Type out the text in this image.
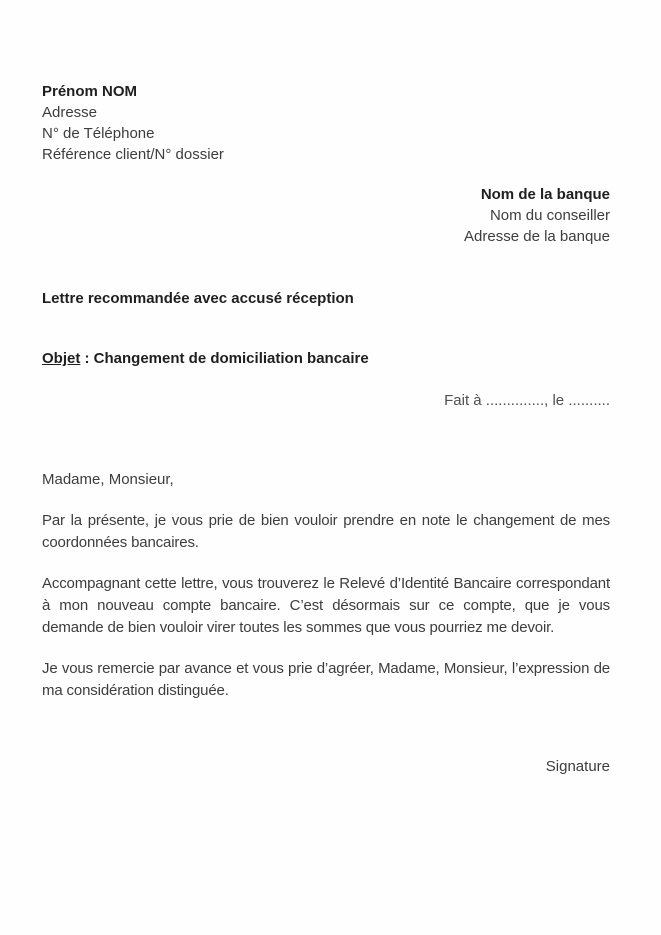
Prénom NOM
Adresse
N° de Téléphone
Référence client/N° dossier
Nom de la banque
Nom du conseiller
Adresse de la banque
Lettre recommandée avec accusé réception
Objet : Changement de domiciliation bancaire
Fait à .............., le ..........
Madame, Monsieur,

Par la présente, je vous prie de bien vouloir prendre en note le changement de mes coordonnées bancaires.

Accompagnant cette lettre, vous trouverez le Relevé d’Identité Bancaire correspondant à mon nouveau compte bancaire. C’est désormais sur ce compte, que je vous demande de bien vouloir virer toutes les sommes que vous pourriez me devoir.

Je vous remercie par avance et vous prie d’agréer, Madame, Monsieur, l’expression de ma considération distinguée.

Signature
